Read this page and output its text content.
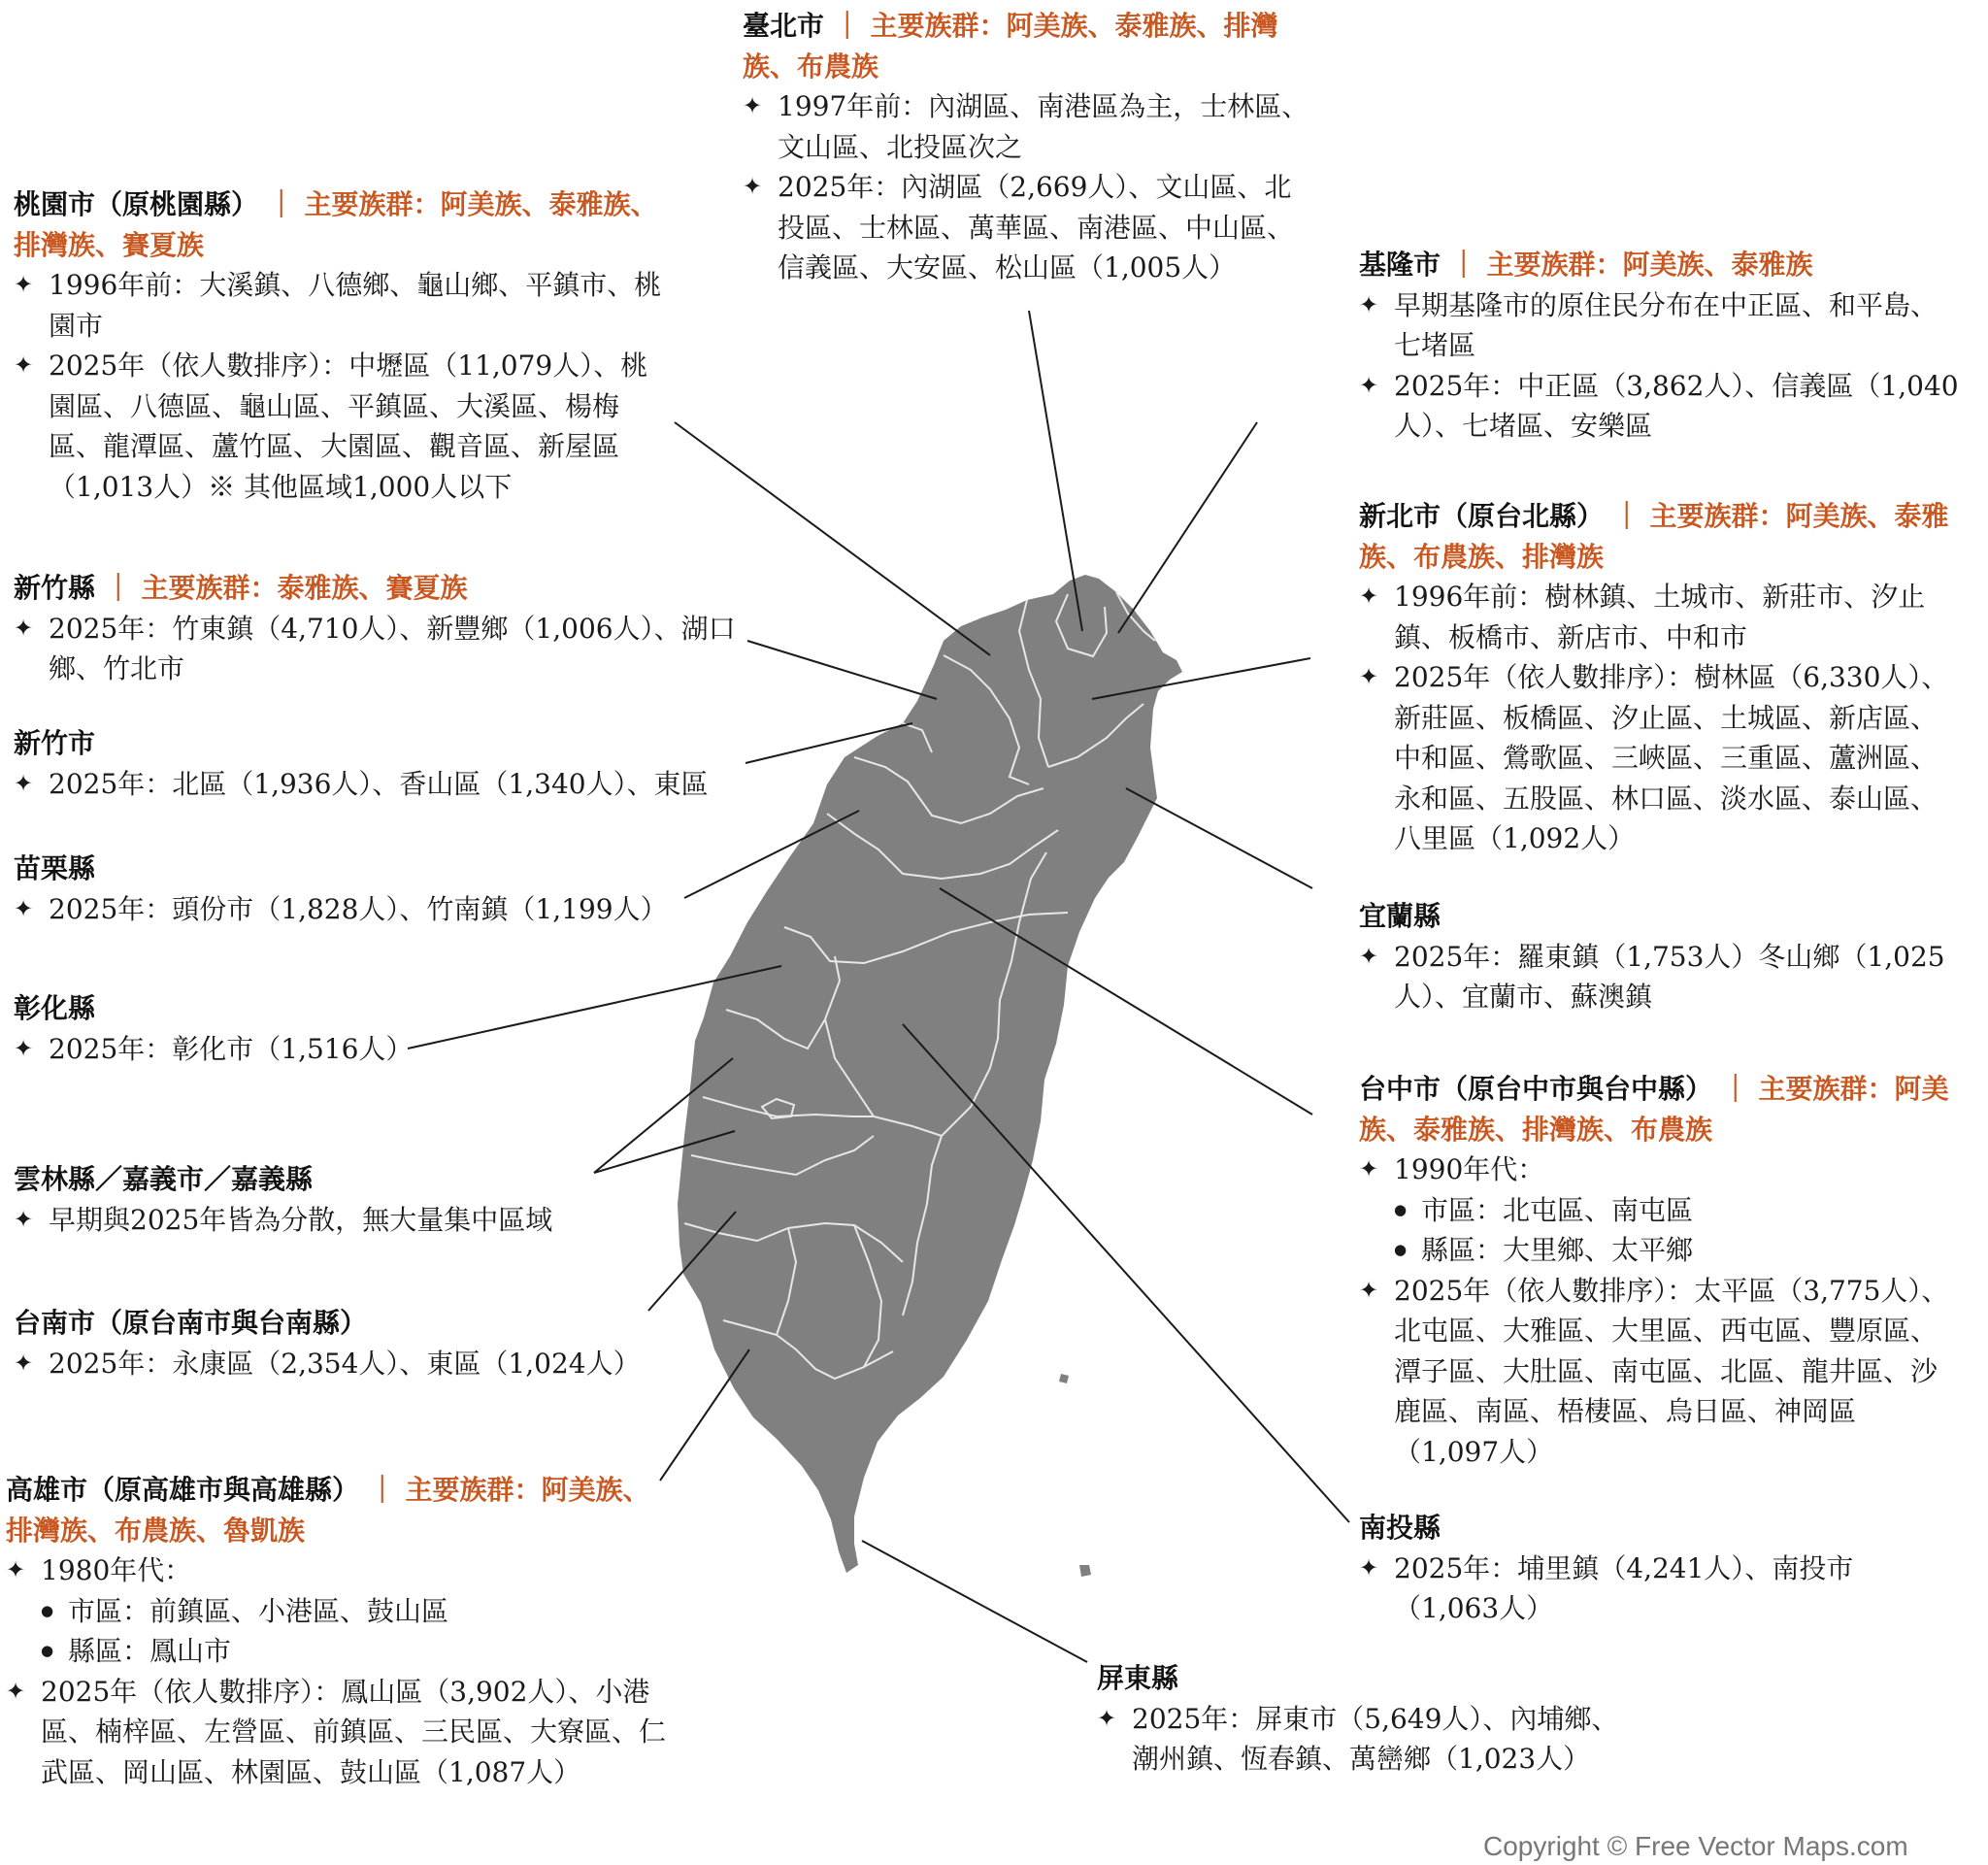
桃園市（原桃園縣） ｜ 主要族群：阿美族、泰雅族、排灣族、賽夏族
✦ 1996年前：大溪鎮、八德鄉、龜山鄉、平鎮市、桃園市
✦ 2025年（依人數排序）：中壢區（11,079人）、桃園區、八德區、龜山區、平鎮區、大溪區、楊梅區、龍潭區、蘆竹區、大園區、觀音區、新屋區（1,013人）※ 其他區域1,000人以下
新竹縣 ｜ 主要族群：泰雅族、賽夏族
✦ 2025年：竹東鎮（4,710人）、新豐鄉（1,006人）、湖口鄉、竹北市
新竹市
✦ 2025年：北區（1,936人）、香山區（1,340人）、東區
苗栗縣
✦ 2025年：頭份市（1,828人）、竹南鎮（1,199人）
彰化縣
✦ 2025年：彰化市（1,516人）
雲林縣／嘉義市／嘉義縣
✦ 早期與2025年皆為分散，無大量集中區域
台南市（原台南市與台南縣）
✦ 2025年：永康區（2,354人）、東區（1,024人）
高雄市（原高雄市與高雄縣） ｜ 主要族群：阿美族、排灣族、布農族、魯凱族
✦ 1980年代：
● 市區：前鎮區、小港區、鼓山區
● 縣區：鳳山市
✦ 2025年（依人數排序）：鳳山區（3,902人）、小港區、楠梓區、左營區、前鎮區、三民區、大寮區、仁武區、岡山區、林園區、鼓山區（1,087人）
臺北市 ｜ 主要族群：阿美族、泰雅族、排灣族、布農族
✦ 1997年前：內湖區、南港區為主，士林區、文山區、北投區次之
✦ 2025年：內湖區（2,669人）、文山區、北投區、士林區、萬華區、南港區、中山區、信義區、大安區、松山區（1,005人）	基隆市 ｜ 主要族群：阿美族、泰雅族
✦ 早期基隆市的原住民分布在中正區、和平島、七堵區
✦ 2025年：中正區（3,862人）、信義區（1,040人）、七堵區、安樂區
新北市（原台北縣） ｜ 主要族群：阿美族、泰雅族、布農族、排灣族
✦ 1996年前：樹林鎮、土城市、新莊市、汐止鎮、板橋市、新店市、中和市
✦ 2025年（依人數排序）：樹林區（6,330人）、新莊區、板橋區、汐止區、土城區、新店區、中和區、鶯歌區、三峽區、三重區、蘆洲區、永和區、五股區、林口區、淡水區、泰山區、八里區（1,092人）
宜蘭縣
✦ 2025年：羅東鎮（1,753人）冬山鄉（1,025人）、宜蘭市、蘇澳鎮
台中市（原台中市與台中縣） ｜ 主要族群：阿美族、泰雅族、排灣族、布農族
✦ 1990年代：
● 市區：北屯區、南屯區
● 縣區：大里鄉、太平鄉
✦ 2025年（依人數排序）：太平區（3,775人）、北屯區、大雅區、大里區、西屯區、豐原區、潭子區、大肚區、南屯區、北區、龍井區、沙鹿區、南區、梧棲區、烏日區、神岡區（1,097人）
南投縣
✦ 2025年：埔里鎮（4,241人）、南投市（1,063人）
屏東縣
✦ 2025年：屏東市（5,649人）、內埔鄉、潮州鎮、恆春鎮、萬巒鄉（1,023人）
Copyright © Free Vector Maps.com
